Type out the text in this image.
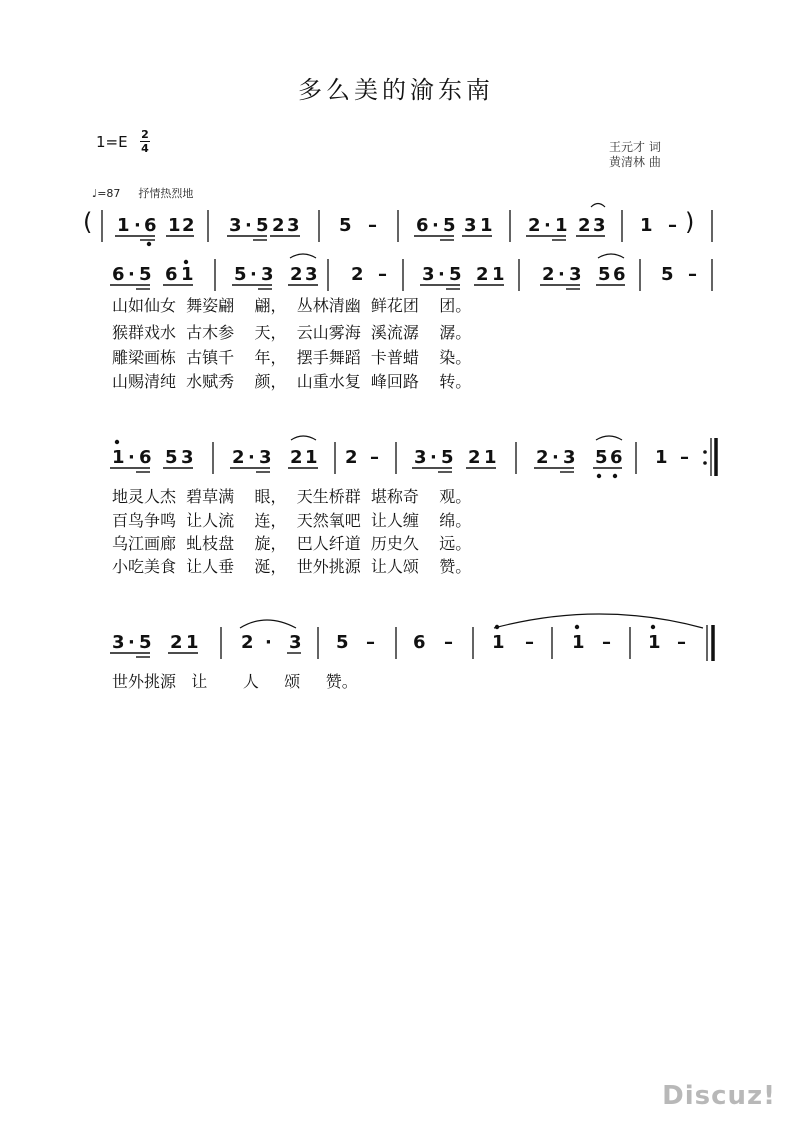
多么美的渝东南
1=E 2
4	王元才 词
黄清林 曲
♩=87 抒情热烈地
( 1 · 6 1 2 3 · 5 2 3 5 – 6 · 5 3 1 2 · 1 2 3 1 – )
6 · 5 6 1 5 · 3 2 3 2 – 3 · 5 2 1 2 · 3 5 6 5 –
1 · 6 5 3 2 · 3 2 1 2 – 3 · 5 2 1 2 · 3 5 6 1 –
3 · 5 2 1 2 · 3 5 – 6 – 1 – 1 – 1 –
山如仙女  舞姿翩    翩，  丛林清幽  鲜花团    团。
猴群戏水  古木参    天，  云山雾海  溪流潺    潺。
雕梁画栋  古镇千    年，  摆手舞蹈  卡普蜡    染。
山赐清纯  水赋秀    颜，  山重水复  峰回路    转。
地灵人杰  碧草满    眼，  天生桥群  堪称奇    观。
百鸟争鸣  让人流    连，  天然氧吧  让人缠    绵。
乌江画廊  虬枝盘    旋，  巴人纤道  历史久    远。
小吃美食  让人垂    涎，  世外挑源  让人颂    赞。
世外挑源   让       人     颂     赞。
Discuz!
